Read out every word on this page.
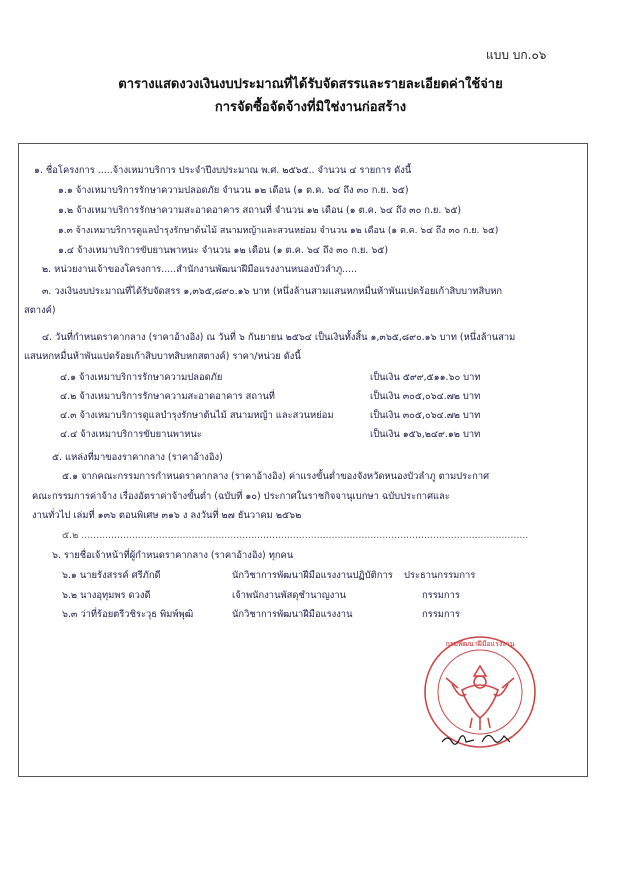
แบบ บก.๐๖
ตารางแสดงวงเงินงบประมาณที่ได้รับจัดสรรและรายละเอียดค่าใช้จ่าย
การจัดซื้อจัดจ้างที่มิใช่งานก่อสร้าง
๑. ชื่อโครงการ .....จ้างเหมาบริการ ประจำปีงบประมาณ พ.ศ. ๒๕๖๕.. จำนวน ๔ รายการ ดังนี้
๑.๑ จ้างเหมาบริการรักษาความปลอดภัย จำนวน ๑๒ เดือน (๑ ต.ค. ๖๔ ถึง ๓๐ ก.ย. ๖๕)
๑.๒ จ้างเหมาบริการรักษาความสะอาดอาคาร สถานที่ จำนวน ๑๒ เดือน (๑ ต.ค. ๖๔ ถึง ๓๐ ก.ย. ๖๕)
๑.๓ จ้างเหมาบริการดูแลบำรุงรักษาต้นไม้ สนามหญ้าและสวนหย่อม จำนวน ๑๒ เดือน (๑ ต.ค. ๖๔ ถึง ๓๐ ก.ย. ๖๕)
๑.๔ จ้างเหมาบริการขับยานพาหนะ จำนวน ๑๒ เดือน (๑ ต.ค. ๖๔ ถึง ๓๐ ก.ย. ๖๕)
๒. หน่วยงานเจ้าของโครงการ.....สำนักงานพัฒนาฝีมือแรงงานหนองบัวลำภู.....
๓. วงเงินงบประมาณที่ได้รับจัดสรร ๑,๓๖๕,๘๙๐.๑๖ บาท (หนึ่งล้านสามแสนหกหมื่นห้าพันแปดร้อยเก้าสิบบาทสิบหก
สตางค์)
๔. วันที่กำหนดราคากลาง (ราคาอ้างอิง) ณ วันที่ ๖ กันยายน ๒๕๖๔ เป็นเงินทั้งสิ้น ๑,๓๖๕,๘๙๐.๑๖ บาท (หนึ่งล้านสาม
แสนหกหมื่นห้าพันแปดร้อยเก้าสิบบาทสิบหกสตางค์) ราคา/หน่วย ดังนี้
๔.๑ จ้างเหมาบริการรักษาความปลอดภัย	เป็นเงิน ๕๙๙,๕๑๑.๖๐ บาท
๔.๒ จ้างเหมาบริการรักษาความสะอาดอาคาร สถานที่	เป็นเงิน ๓๐๕,๐๖๔.๗๒ บาท
๔.๓ จ้างเหมาบริการดูแลบำรุงรักษาต้นไม้ สนามหญ้า และสวนหย่อม	เป็นเงิน ๓๐๕,๐๖๔.๗๒ บาท
๔.๔ จ้างเหมาบริการขับยานพาหนะ	เป็นเงิน ๑๕๖,๒๔๙.๑๒ บาท
๕. แหล่งที่มาของราคากลาง (ราคาอ้างอิง)
๕.๑ จากคณะกรรมการกำหนดราคากลาง (ราคาอ้างอิง) ค่าแรงขั้นต่ำของจังหวัดหนองบัวลำภู ตามประกาศ
คณะกรรมการค่าจ้าง เรื่องอัตราค่าจ้างขั้นต่ำ (ฉบับที่ ๑๐) ประกาศในราชกิจจานุเบกษา ฉบับประกาศและ
งานทั่วไป เล่มที่ ๑๓๖ ตอนพิเศษ ๓๑๖ ง ลงวันที่ ๒๗ ธันวาคม ๒๕๖๒
๕.๒ ......................................................................................................................................................
๖. รายชื่อเจ้าหน้าที่ผู้กำหนดราคากลาง (ราคาอ้างอิง) ทุกคน
๖.๑ นายรังสรรค์ ศรีภักดี	นักวิชาการพัฒนาฝีมือแรงงานปฏิบัติการ ประธานกรรมการ
๖.๒ นางอุทุมพร ดวงดี	เจ้าพนักงานพัสดุชำนาญงาน	กรรมการ
๖.๓ ว่าที่ร้อยตรีวชิระวุธ พิมพ์พุฒิ	นักวิชาการพัฒนาฝีมือแรงงาน	กรรมการ
กรมพัฒนาฝีมือแรงงาน
